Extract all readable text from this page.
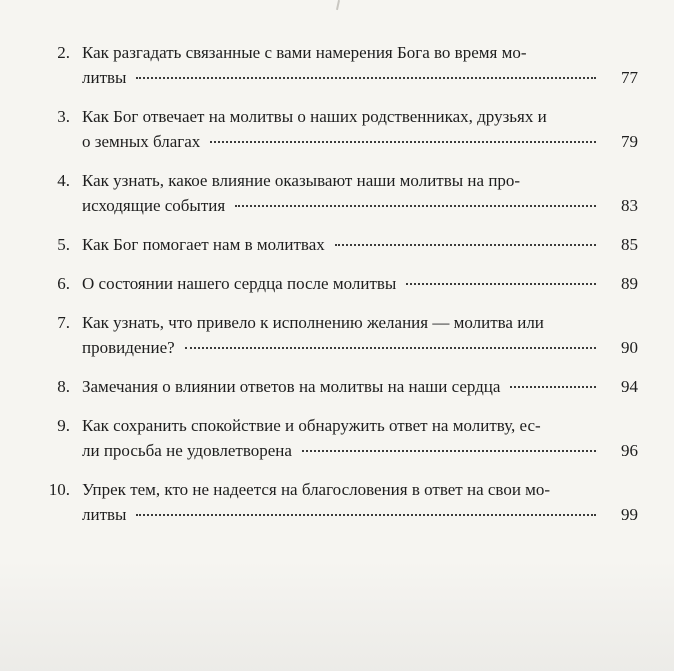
2. Как разгадать связанные с вами намерения Бога во время мо-
литвы	77
3. Как Бог отвечает на молитвы о наших родственниках, друзьях и
о земных благах	79
4. Как узнать, какое влияние оказывают наши молитвы на про-
исходящие события	83
5. Как Бог помогает нам в молитвах	85
6. О состоянии нашего сердца после молитвы	89
7. Как узнать, что привело к исполнению желания — молитва или
провидение?	90
8. Замечания о влиянии ответов на молитвы на наши сердца	94
9. Как сохранить спокойствие и обнаружить ответ на молитву, ес-
ли просьба не удовлетворена	96
10. Упрек тем, кто не надеется на благословения в ответ на свои мо-
литвы	99
